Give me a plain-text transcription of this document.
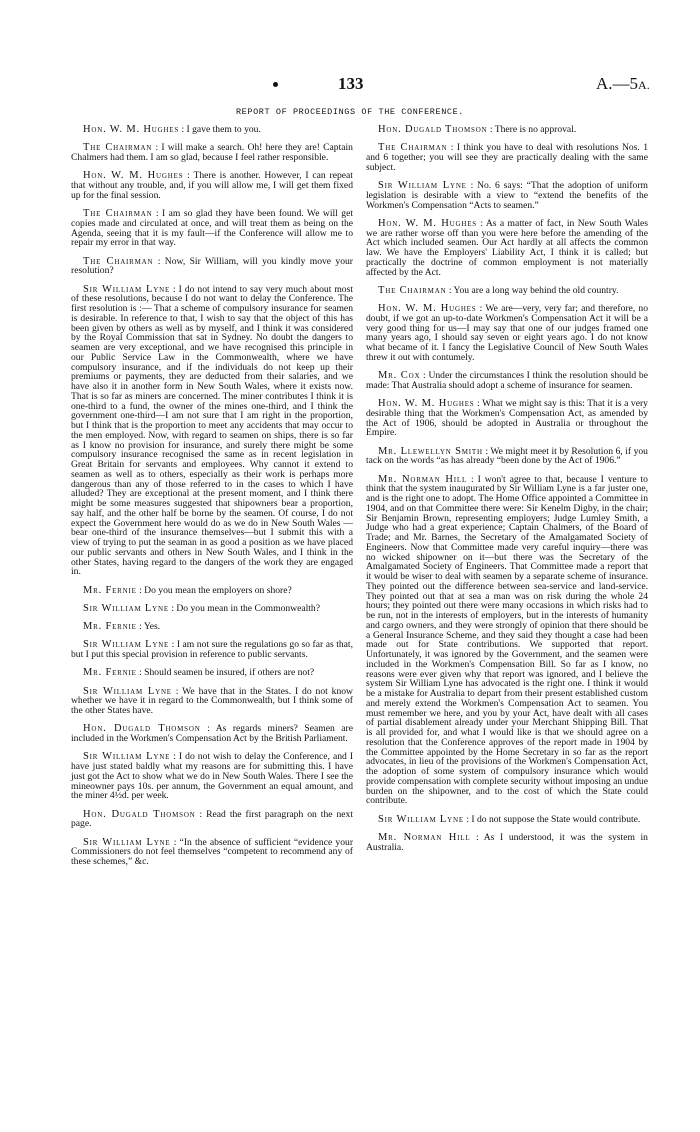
133	A.—5A.
REPORT OF PROCEEDINGS OF THE CONFERENCE.

Hon. W. M. Hughes : I gave them to you.

The Chairman : I will make a search. Oh! here they are! Captain Chalmers had them. I am so glad, because I feel rather responsible.

Hon. W. M. Hughes : There is another. However, I can repeat that without any trouble, and, if you will allow me, I will get them fixed up for the final session.

The Chairman : I am so glad they have been found. We will get copies made and circulated at once, and will treat them as being on the Agenda, seeing that it is my fault—if the Conference will allow me to repair my error in that way.

The Chairman : Now, Sir William, will you kindly move your resolution?

Sir William Lyne : I do not intend to say very much about most of these resolutions, because I do not want to delay the Conference. The first resolution is :— That a scheme of compulsory insurance for seamen is desirable. In reference to that, I wish to say that the object of this has been given by others as well as by myself, and I think it was considered by the Royal Commission that sat in Sydney. No doubt the dangers to seamen are very exceptional, and we have recognised this principle in our Public Service Law in the Commonwealth, where we have compulsory insurance, and if the individuals do not keep up their premiums or payments, they are deducted from their salaries, and we have also it in another form in New South Wales, where it exists now. That is so far as miners are concerned. The miner contributes I think it is one-third to a fund, the owner of the mines one-third, and I think the government one-third—I am not sure that I am right in the proportion, but I think that is the proportion to meet any accidents that may occur to the men employed. Now, with regard to seamen on ships, there is so far as I know no provision for insurance, and surely there might be some compulsory insurance recognised the same as in recent legislation in Great Britain for servants and employees. Why cannot it extend to seamen as well as to others, especially as their work is perhaps more dangerous than any of those referred to in the cases to which I have alluded? They are exceptional at the present moment, and I think there might be some measures suggested that shipowners bear a proportion, say half, and the other half be borne by the seamen. Of course, I do not expect the Government here would do as we do in New South Wales —bear one-third of the insurance themselves—but I submit this with a view of trying to put the seaman in as good a position as we have placed our public servants and others in New South Wales, and I think in the other States, having regard to the dangers of the work they are engaged in.

Mr. Fernie : Do you mean the employers on shore?

Sir William Lyne : Do you mean in the Commonwealth?

Mr. Fernie : Yes.

Sir William Lyne : I am not sure the regulations go so far as that, but I put this special provision in reference to public servants.

Mr. Fernie : Should seamen be insured, if others are not?

Sir William Lyne : We have that in the States. I do not know whether we have it in regard to the Commonwealth, but I think some of the other States have.

Hon. Dugald Thomson : As regards miners? Seamen are included in the Workmen's Compensation Act by the British Parliament.

Sir William Lyne : I do not wish to delay the Conference, and I have just stated baldly what my reasons are for submitting this. I have just got the Act to show what we do in New South Wales. There I see the mineowner pays 10s. per annum, the Government an equal amount, and the miner 4½d. per week.

Hon. Dugald Thomson : Read the first paragraph on the next page.

Sir William Lyne : “In the absence of sufficient “evidence your Commissioners do not feel themselves “competent to recommend any of these schemes,” &c.

Hon. Dugald Thomson : There is no approval.

The Chairman : I think you have to deal with resolutions Nos. 1 and 6 together; you will see they are practically dealing with the same subject.

Sir William Lyne : No. 6 says: “That the adoption of uniform legislation is desirable with a view to “extend the benefits of the Workmen's Compensation “Acts to seamen.”

Hon. W. M. Hughes : As a matter of fact, in New South Wales we are rather worse off than you were here before the amending of the Act which included seamen. Our Act hardly at all affects the common law. We have the Employers' Liability Act, I think it is called; but practically the doctrine of common employment is not materially affected by the Act.

The Chairman : You are a long way behind the old country.

Hon. W. M. Hughes : We are—very, very far; and therefore, no doubt, if we got an up-to-date Workmen's Compensation Act it will be a very good thing for us—I may say that one of our judges framed one many years ago, I should say seven or eight years ago. I do not know what became of it. I fancy the Legislative Council of New South Wales threw it out with contumely.

Mr. Cox : Under the circumstances I think the resolution should be made: That Australia should adopt a scheme of insurance for seamen.

Hon. W. M. Hughes : What we might say is this: That it is a very desirable thing that the Workmen's Compensation Act, as amended by the Act of 1906, should be adopted in Australia or throughout the Empire.

Mr. Llewellyn Smith : We might meet it by Resolution 6, if you tack on the words “as has already “been done by the Act of 1906.”

Mr. Norman Hill : I won't agree to that, because I venture to think that the system inaugurated by Sir William Lyne is a far juster one, and is the right one to adopt. The Home Office appointed a Committee in 1904, and on that Committee there were: Sir Kenelm Digby, in the chair; Sir Benjamin Brown, representing employers; Judge Lumley Smith, a Judge who had a great experience; Captain Chalmers, of the Board of Trade; and Mr. Barnes, the Secretary of the Amalgamated Society of Engineers. Now that Committee made very careful inquiry—there was no wicked shipowner on it—but there was the Secretary of the Amalgamated Society of Engineers. That Committee made a report that it would be wiser to deal with seamen by a separate scheme of insurance. They pointed out the difference between sea-service and land-service. They pointed out that at sea a man was on risk during the whole 24 hours; they pointed out there were many occasions in which risks had to be run, not in the interests of employers, but in the interests of humanity and cargo owners, and they were strongly of opinion that there should be a General Insurance Scheme, and they said they thought a case had been made out for State contributions. We supported that report. Unfortunately, it was ignored by the Government, and the seamen were included in the Workmen's Compensation Bill. So far as I know, no reasons were ever given why that report was ignored, and I believe the system Sir William Lyne has advocated is the right one. I think it would be a mistake for Australia to depart from their present established custom and merely extend the Workmen's Compensation Act to seamen. You must remember we here, and you by your Act, have dealt with all cases of partial disablement already under your Merchant Shipping Bill. That is all provided for, and what I would like is that we should agree on a resolution that the Conference approves of the report made in 1904 by the Committee appointed by the Home Secretary in so far as the report advocates, in lieu of the provisions of the Workmen's Compensation Act, the adoption of some system of compulsory insurance which would provide compensation with complete security without imposing an undue burden on the shipowner, and to the cost of which the State could contribute.

Sir William Lyne : I do not suppose the State would contribute.

Mr. Norman Hill : As I understood, it was the system in Australia.
